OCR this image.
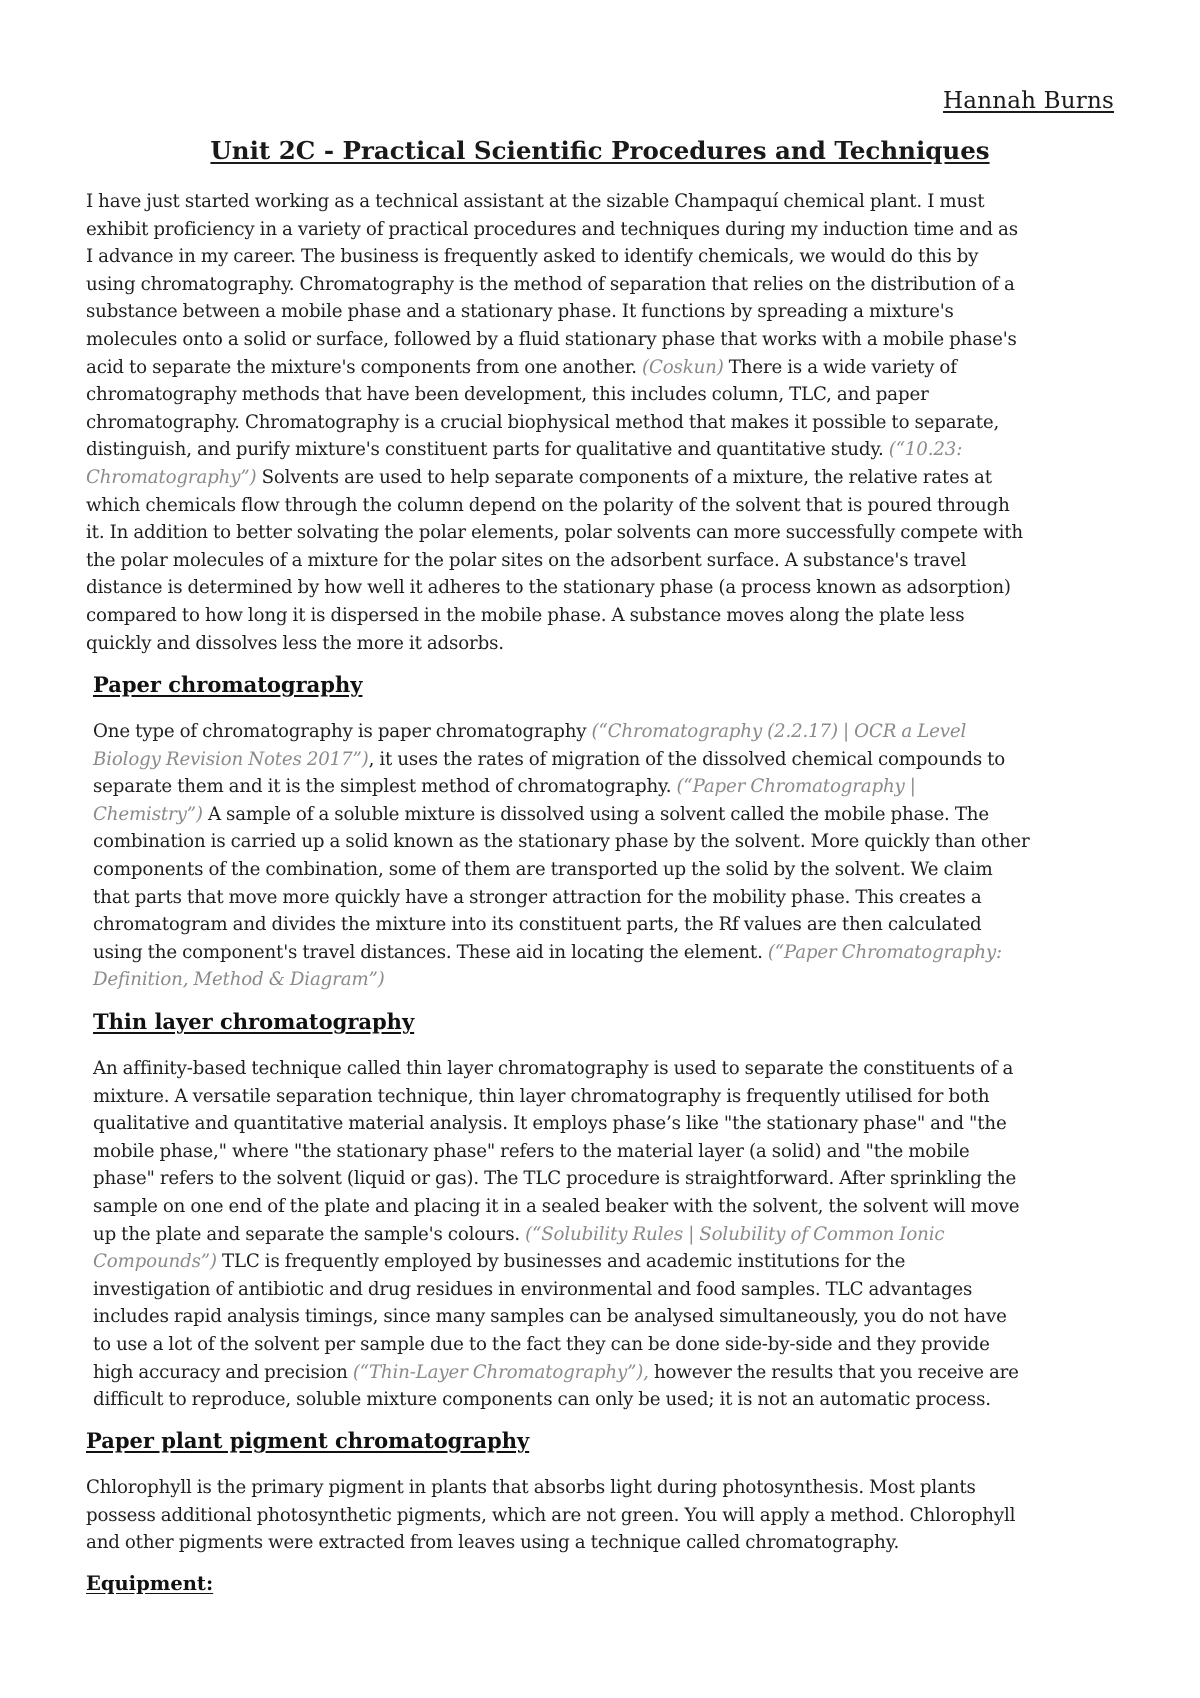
Hannah Burns
Unit 2C - Practical Scientific Procedures and Techniques
I have just started working as a technical assistant at the sizable Champaquí chemical plant. I must
exhibit proficiency in a variety of practical procedures and techniques during my induction time and as
I advance in my career. The business is frequently asked to identify chemicals, we would do this by
using chromatography. Chromatography is the method of separation that relies on the distribution of a
substance between a mobile phase and a stationary phase. It functions by spreading a mixture's
molecules onto a solid or surface, followed by a fluid stationary phase that works with a mobile phase's
acid to separate the mixture's components from one another. (Coskun) There is a wide variety of
chromatography methods that have been development, this includes column, TLC, and paper
chromatography. Chromatography is a crucial biophysical method that makes it possible to separate,
distinguish, and purify mixture's constituent parts for qualitative and quantitative study. (“10.23:
Chromatography”) Solvents are used to help separate components of a mixture, the relative rates at
which chemicals flow through the column depend on the polarity of the solvent that is poured through
it. In addition to better solvating the polar elements, polar solvents can more successfully compete with
the polar molecules of a mixture for the polar sites on the adsorbent surface. A substance's travel
distance is determined by how well it adheres to the stationary phase (a process known as adsorption)
compared to how long it is dispersed in the mobile phase. A substance moves along the plate less
quickly and dissolves less the more it adsorbs.
Paper chromatography
One type of chromatography is paper chromatography (“Chromatography (2.2.17) | OCR a Level
Biology Revision Notes 2017”), it uses the rates of migration of the dissolved chemical compounds to
separate them and it is the simplest method of chromatography. (“Paper Chromatography |
Chemistry”) A sample of a soluble mixture is dissolved using a solvent called the mobile phase. The
combination is carried up a solid known as the stationary phase by the solvent. More quickly than other
components of the combination, some of them are transported up the solid by the solvent. We claim
that parts that move more quickly have a stronger attraction for the mobility phase. This creates a
chromatogram and divides the mixture into its constituent parts, the Rf values are then calculated
using the component's travel distances. These aid in locating the element. (“Paper Chromatography:
Definition, Method & Diagram”)
Thin layer chromatography
An affinity-based technique called thin layer chromatography is used to separate the constituents of a
mixture. A versatile separation technique, thin layer chromatography is frequently utilised for both
qualitative and quantitative material analysis. It employs phase’s like "the stationary phase" and "the
mobile phase," where "the stationary phase" refers to the material layer (a solid) and "the mobile
phase" refers to the solvent (liquid or gas). The TLC procedure is straightforward. After sprinkling the
sample on one end of the plate and placing it in a sealed beaker with the solvent, the solvent will move
up the plate and separate the sample's colours. (“Solubility Rules | Solubility of Common Ionic
Compounds”) TLC is frequently employed by businesses and academic institutions for the
investigation of antibiotic and drug residues in environmental and food samples. TLC advantages
includes rapid analysis timings, since many samples can be analysed simultaneously, you do not have
to use a lot of the solvent per sample due to the fact they can be done side-by-side and they provide
high accuracy and precision (“Thin-Layer Chromatography”), however the results that you receive are
difficult to reproduce, soluble mixture components can only be used; it is not an automatic process.
Paper plant pigment chromatography
Chlorophyll is the primary pigment in plants that absorbs light during photosynthesis. Most plants
possess additional photosynthetic pigments, which are not green. You will apply a method. Chlorophyll
and other pigments were extracted from leaves using a technique called chromatography.
Equipment:
